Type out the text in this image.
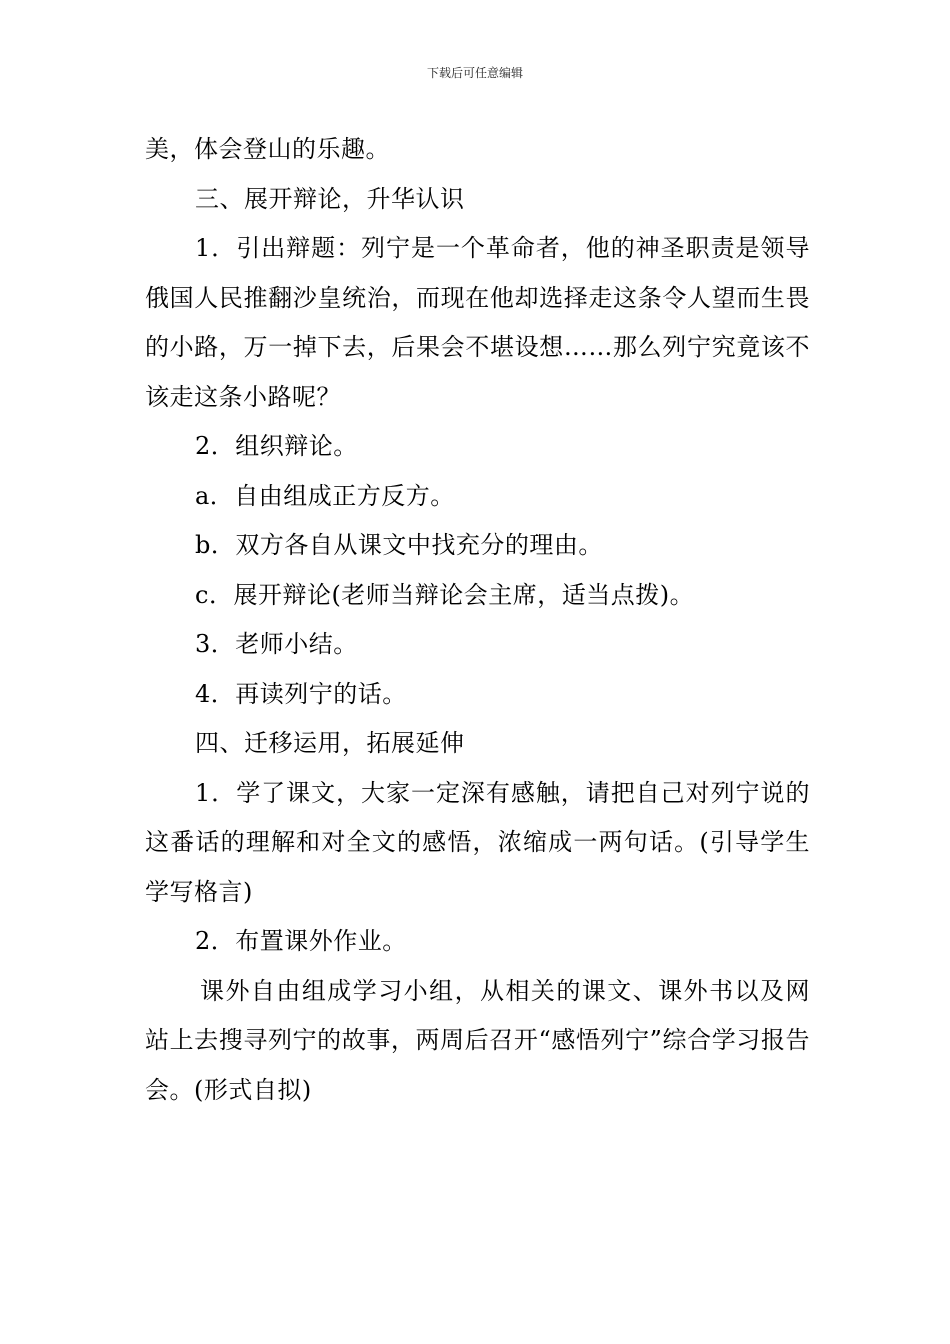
下载后可任意编辑

美，体会登山的乐趣。

三、展开辩论，升华认识

1．引出辩题：列宁是一个革命者，他的神圣职责是领导俄国人民推翻沙皇统治，而现在他却选择走这条令人望而生畏的小路，万一掉下去，后果会不堪设想……那么列宁究竟该不该走这条小路呢？

2．组织辩论。

a．自由组成正方反方。

b．双方各自从课文中找充分的理由。

c．展开辩论(老师当辩论会主席，适当点拨)。

3．老师小结。

4．再读列宁的话。

四、迁移运用，拓展延伸

1．学了课文，大家一定深有感触，请把自己对列宁说的这番话的理解和对全文的感悟，浓缩成一两句话。(引导学生学写格言)

2．布置课外作业。

课外自由组成学习小组，从相关的课文、课外书以及网站上去搜寻列宁的故事，两周后召开“感悟列宁”综合学习报告会。(形式自拟)
